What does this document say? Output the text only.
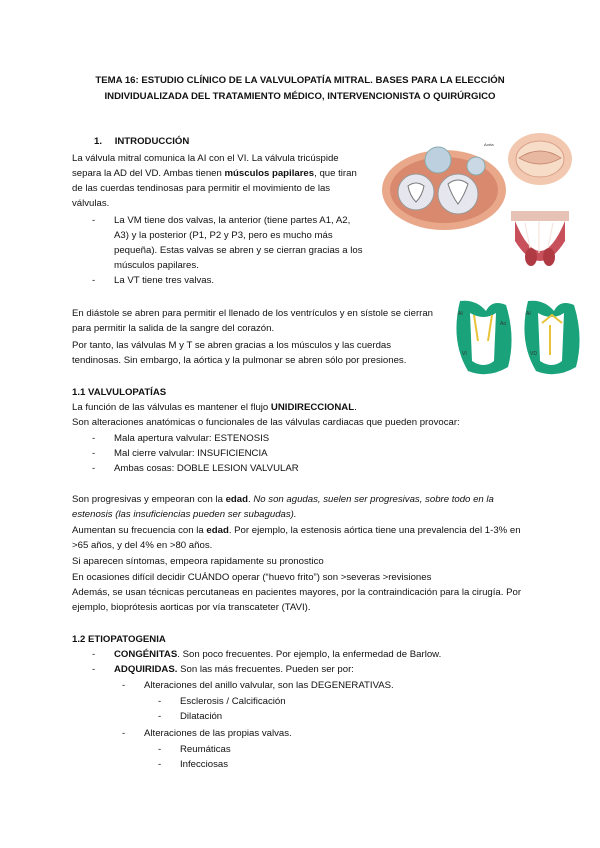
TEMA 16: ESTUDIO CLÍNICO DE LA VALVULOPATÍA MITRAL. BASES PARA LA ELECCIÓN INDIVIDUALIZADA DEL TRATAMIENTO MÉDICO, INTERVENCIONISTA O QUIRÚRGICO
1. INTRODUCCIÓN
La válvula mitral comunica la AI con el VI. La válvula tricúspide separa la AD del VD. Ambas tienen músculos papilares, que tiran de las cuerdas tendinosas para permitir el movimiento de las válvulas.
- La VM tiene dos valvas, la anterior (tiene partes A1, A2, A3) y la posterior (P1, P2 y P3, pero es mucho más pequeña). Estas valvas se abren y se cierran gracias a los músculos papilares.
- La VT tiene tres valvas.
En diástole se abren para permitir el llenado de los ventrículos y en sístole se cierran para permitir la salida de la sangre del corazón.
Por tanto, las válvulas M y T se abren gracias a los músculos y las cuerdas tendinosas. Sin embargo, la aórtica y la pulmonar se abren sólo por presiones.
Aorta
AI
VI
Ao
AI
VD
1.1 VALVULOPATÍAS
La función de las válvulas es mantener el flujo UNIDIRECCIONAL.
Son alteraciones anatómicas o funcionales de las válvulas cardiacas que pueden provocar:
- Mala apertura valvular: ESTENOSIS
- Mal cierre valvular: INSUFICIENCIA
- Ambas cosas: DOBLE LESION VALVULAR
Son progresivas y empeoran con la edad. No son agudas, suelen ser progresivas, sobre todo en la estenosis (las insuficiencias pueden ser subagudas).
Aumentan su frecuencia con la edad. Por ejemplo, la estenosis aórtica tiene una prevalencia del 1-3% en >65 años, y del 4% en >80 años.
Si aparecen síntomas, empeora rapidamente su pronostico
En ocasiones difícil decidir CUÁNDO operar (“huevo frito”) son >severas >revisiones
Además, se usan técnicas percutaneas en pacientes mayores, por la contraindicación para la cirugía. Por ejemplo, bioprótesis aorticas por vía transcateter (TAVI).
1.2 ETIOPATOGENIA
- CONGÉNITAS. Son poco frecuentes. Por ejemplo, la enfermedad de Barlow.
- ADQUIRIDAS. Son las más frecuentes. Pueden ser por:
- Alteraciones del anillo valvular, son las DEGENERATIVAS.
- Esclerosis / Calcificación
- Dilatación
- Alteraciones de las propias valvas.
- Reumáticas
- Infecciosas
